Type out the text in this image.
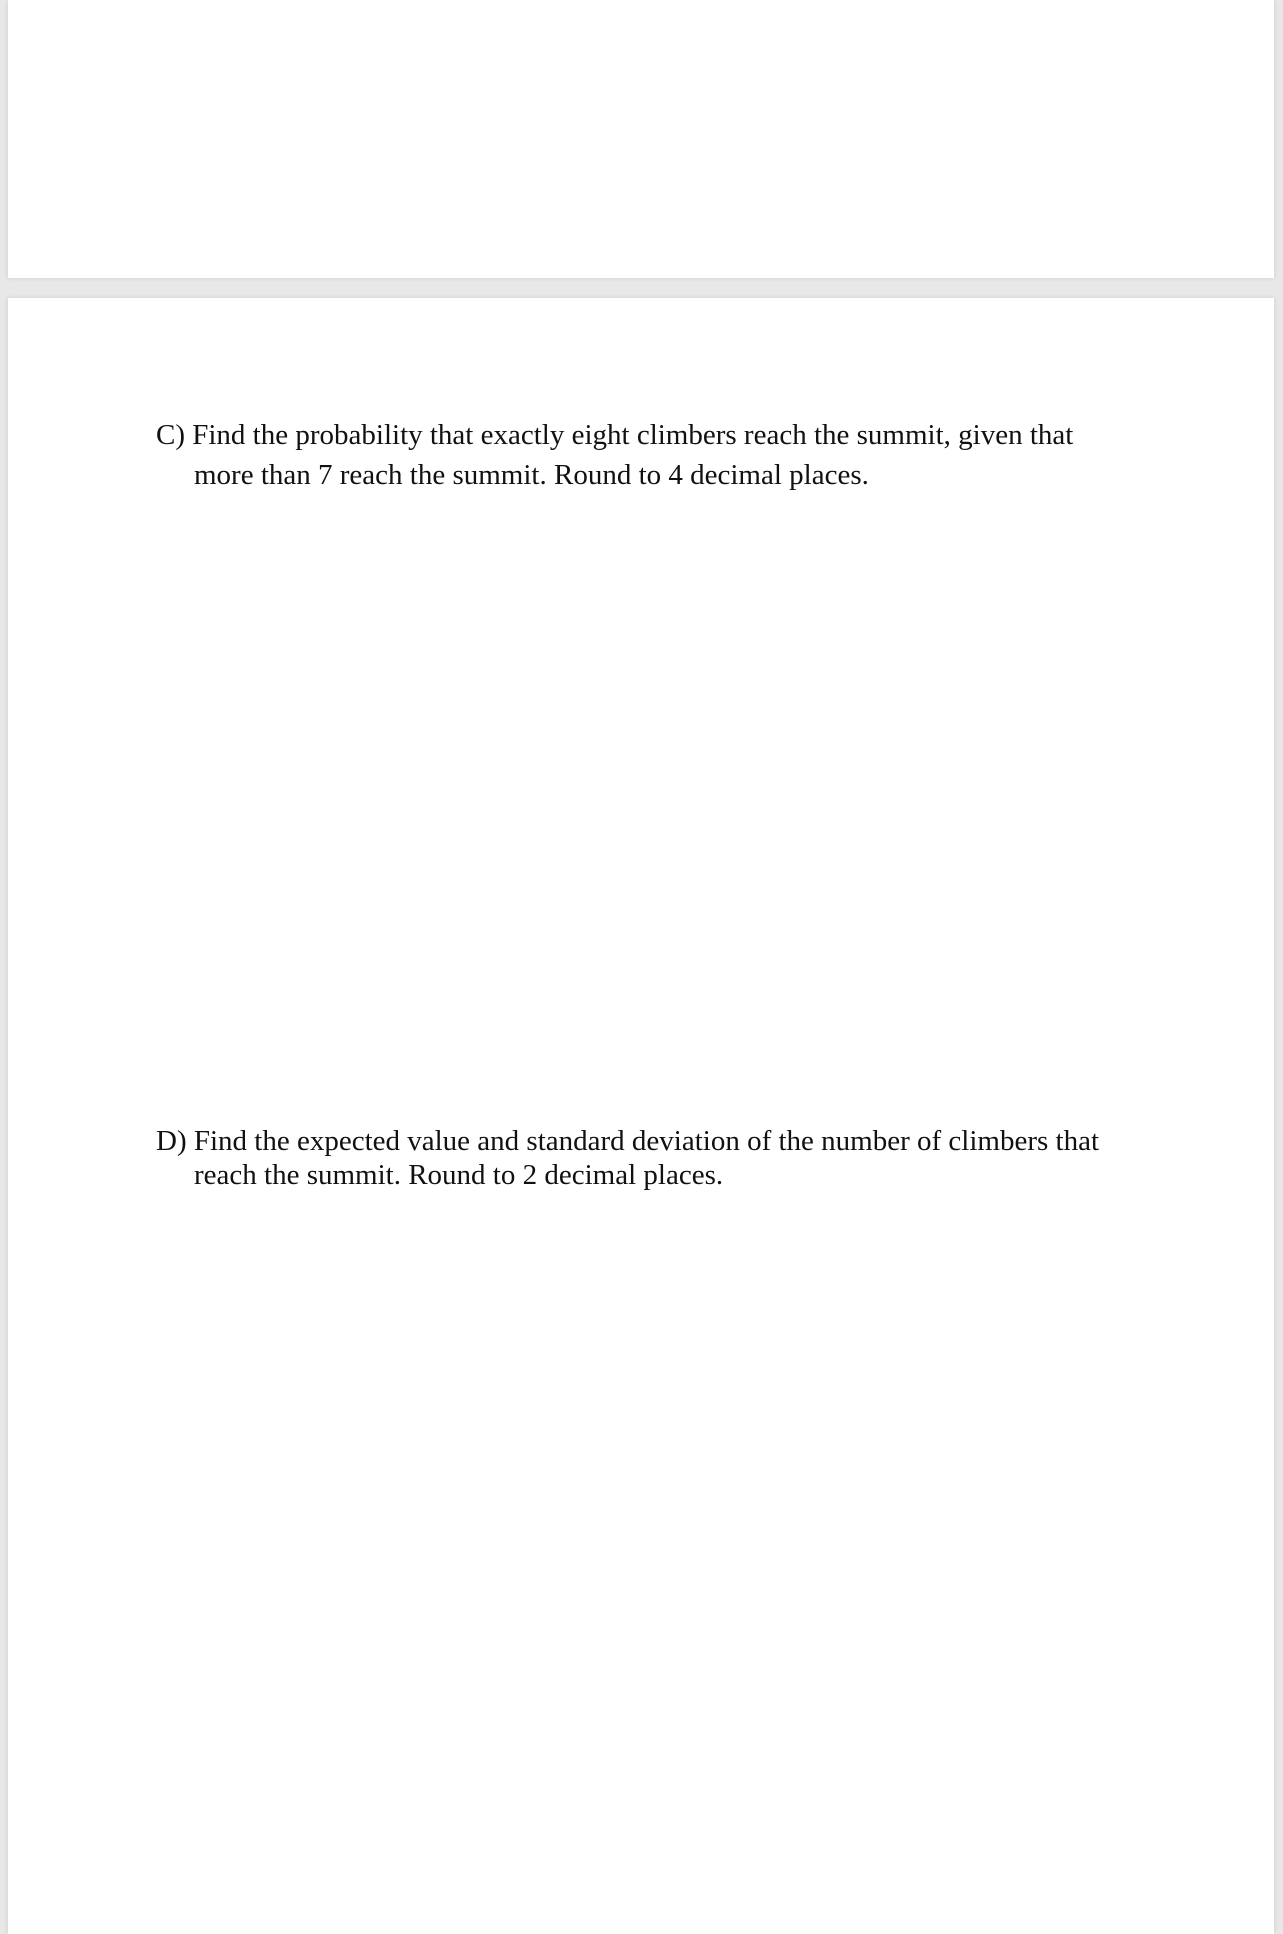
C) Find the probability that exactly eight climbers reach the summit, given that
more than 7 reach the summit. Round to 4 decimal places.
D) Find the expected value and standard deviation of the number of climbers that
reach the summit. Round to 2 decimal places.
